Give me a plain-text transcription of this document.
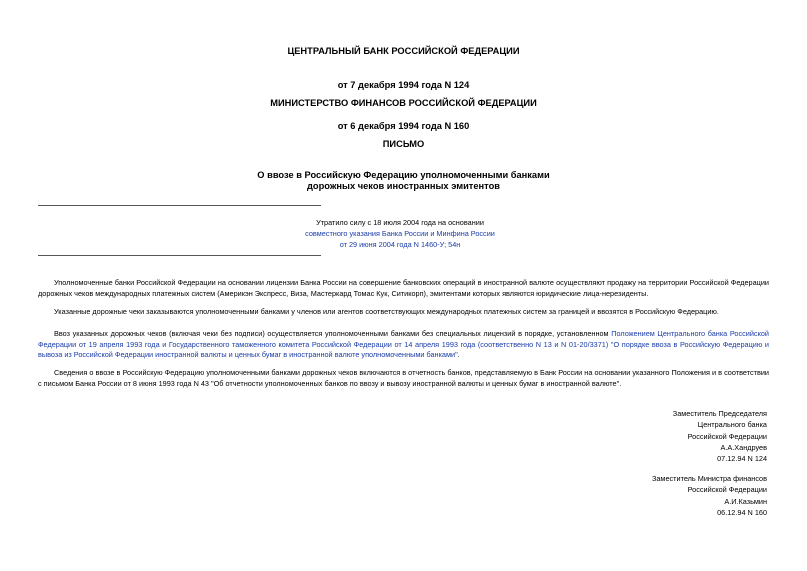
ЦЕНТРАЛЬНЫЙ БАНК РОССИЙСКОЙ ФЕДЕРАЦИИ
от 7 декабря 1994 года N 124
МИНИСТЕРСТВО ФИНАНСОВ РОССИЙСКОЙ ФЕДЕРАЦИИ
от 6 декабря 1994 года N 160
ПИСЬМО
О ввозе в Российскую Федерацию уполномоченными банками
дорожных чеков иностранных эмитентов
Утратило силу с 18 июля 2004 года на основании
совместного указания Банка России и Минфина России
от 29 июня 2004 года N 1460-У; 54н
Уполномоченные банки Российской Федерации на основании лицензии Банка России на совершение банковских операций в иностранной валюте осуществляют продажу на территории Российской Федерации дорожных чеков международных платежных систем (Америкэн Экспресс, Виза, Мастеркард Томас Кук, Ситикорп), эмитентами которых являются юридические лица-нерезиденты.
Указанные дорожные чеки заказываются уполномоченными банками у членов или агентов соответствующих международных платежных систем за границей и ввозятся в Российскую Федерацию.
Ввоз указанных дорожных чеков (включая чеки без подписи) осуществляется уполномоченными банками без специальных лицензий в порядке, установленном Положением Центрального банка Российской Федерации от 19 апреля 1993 года и Государственного таможенного комитета Российской Федерации от 14 апреля 1993 года (соответственно N 13 и N 01-20/3371) "О порядке ввоза в Российскую Федерацию и вывоза из Российской Федерации иностранной валюты и ценных бумаг в иностранной валюте уполномоченными банками".
Сведения о ввозе в Российскую Федерацию уполномоченными банками дорожных чеков включаются в отчетность банков, представляемую в Банк России на основании указанного Положения и в соответствии с письмом Банка России от 8 июня 1993 года N 43 "Об отчетности уполномоченных банков по ввозу и вывозу иностранной валюты и ценных бумаг в иностранной валюте".
Заместитель Председателя
Центрального банка
Российской Федерации
А.А.Хандруев
07.12.94 N 124
Заместитель Министра финансов
Российской Федерации
А.И.Казьмин
06.12.94 N 160
